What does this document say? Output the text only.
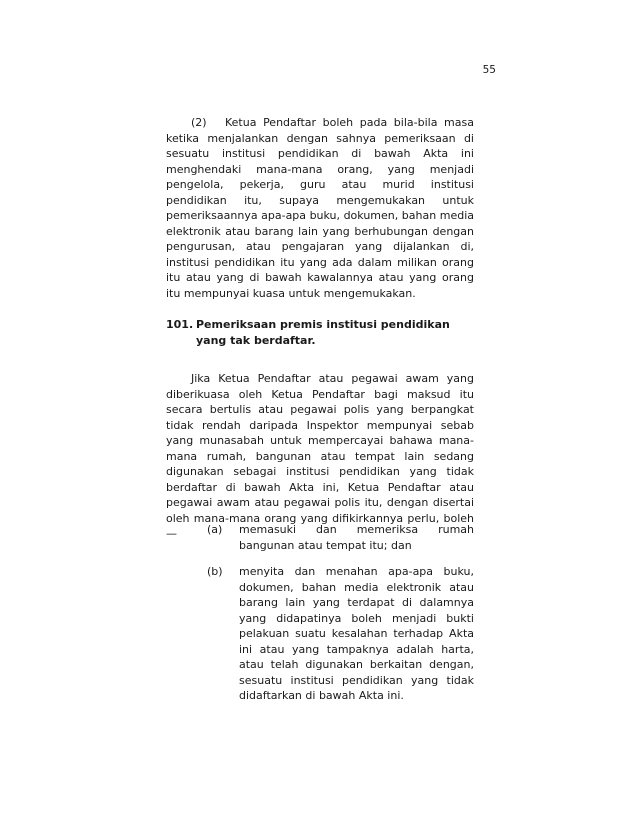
55
(2) Ketua Pendaftar boleh pada bila-bila masa ketika menjalankan dengan sahnya pemeriksaan di sesuatu institusi pendidikan di bawah Akta ini menghendaki mana-mana orang, yang menjadi pengelola, pekerja, guru atau murid institusi pendidikan itu, supaya mengemukakan untuk pemeriksaannya apa-apa buku, dokumen, bahan media elektronik atau barang lain yang berhubungan dengan pengurusan, atau pengajaran yang dijalankan di, institusi pendidikan itu yang ada dalam milikan orang itu atau yang di bawah kawalannya atau yang orang itu mempunyai kuasa untuk mengemukakan.
101. Pemeriksaan premis institusi pendidikan yang tak berdaftar.
Jika Ketua Pendaftar atau pegawai awam yang diberikuasa oleh Ketua Pendaftar bagi maksud itu secara bertulis atau pegawai polis yang berpangkat tidak rendah daripada Inspektor mempunyai sebab yang munasabah untuk mempercayai bahawa mana-mana rumah, bangunan atau tempat lain sedang digunakan sebagai institusi pendidikan yang tidak berdaftar di bawah Akta ini, Ketua Pendaftar atau pegawai awam atau pegawai polis itu, dengan disertai oleh mana-mana orang yang difikirkannya perlu, boleh—	(a)	memasuki dan memeriksa rumah bangunan atau tempat itu; dan
(b)	menyita dan menahan apa-apa buku, dokumen, bahan media elektronik atau barang lain yang terdapat di dalamnya yang didapatinya boleh menjadi bukti pelakuan suatu kesalahan terhadap Akta ini atau yang tampaknya adalah harta, atau telah digunakan berkaitan dengan, sesuatu institusi pendidikan yang tidak didaftarkan di bawah Akta ini.
